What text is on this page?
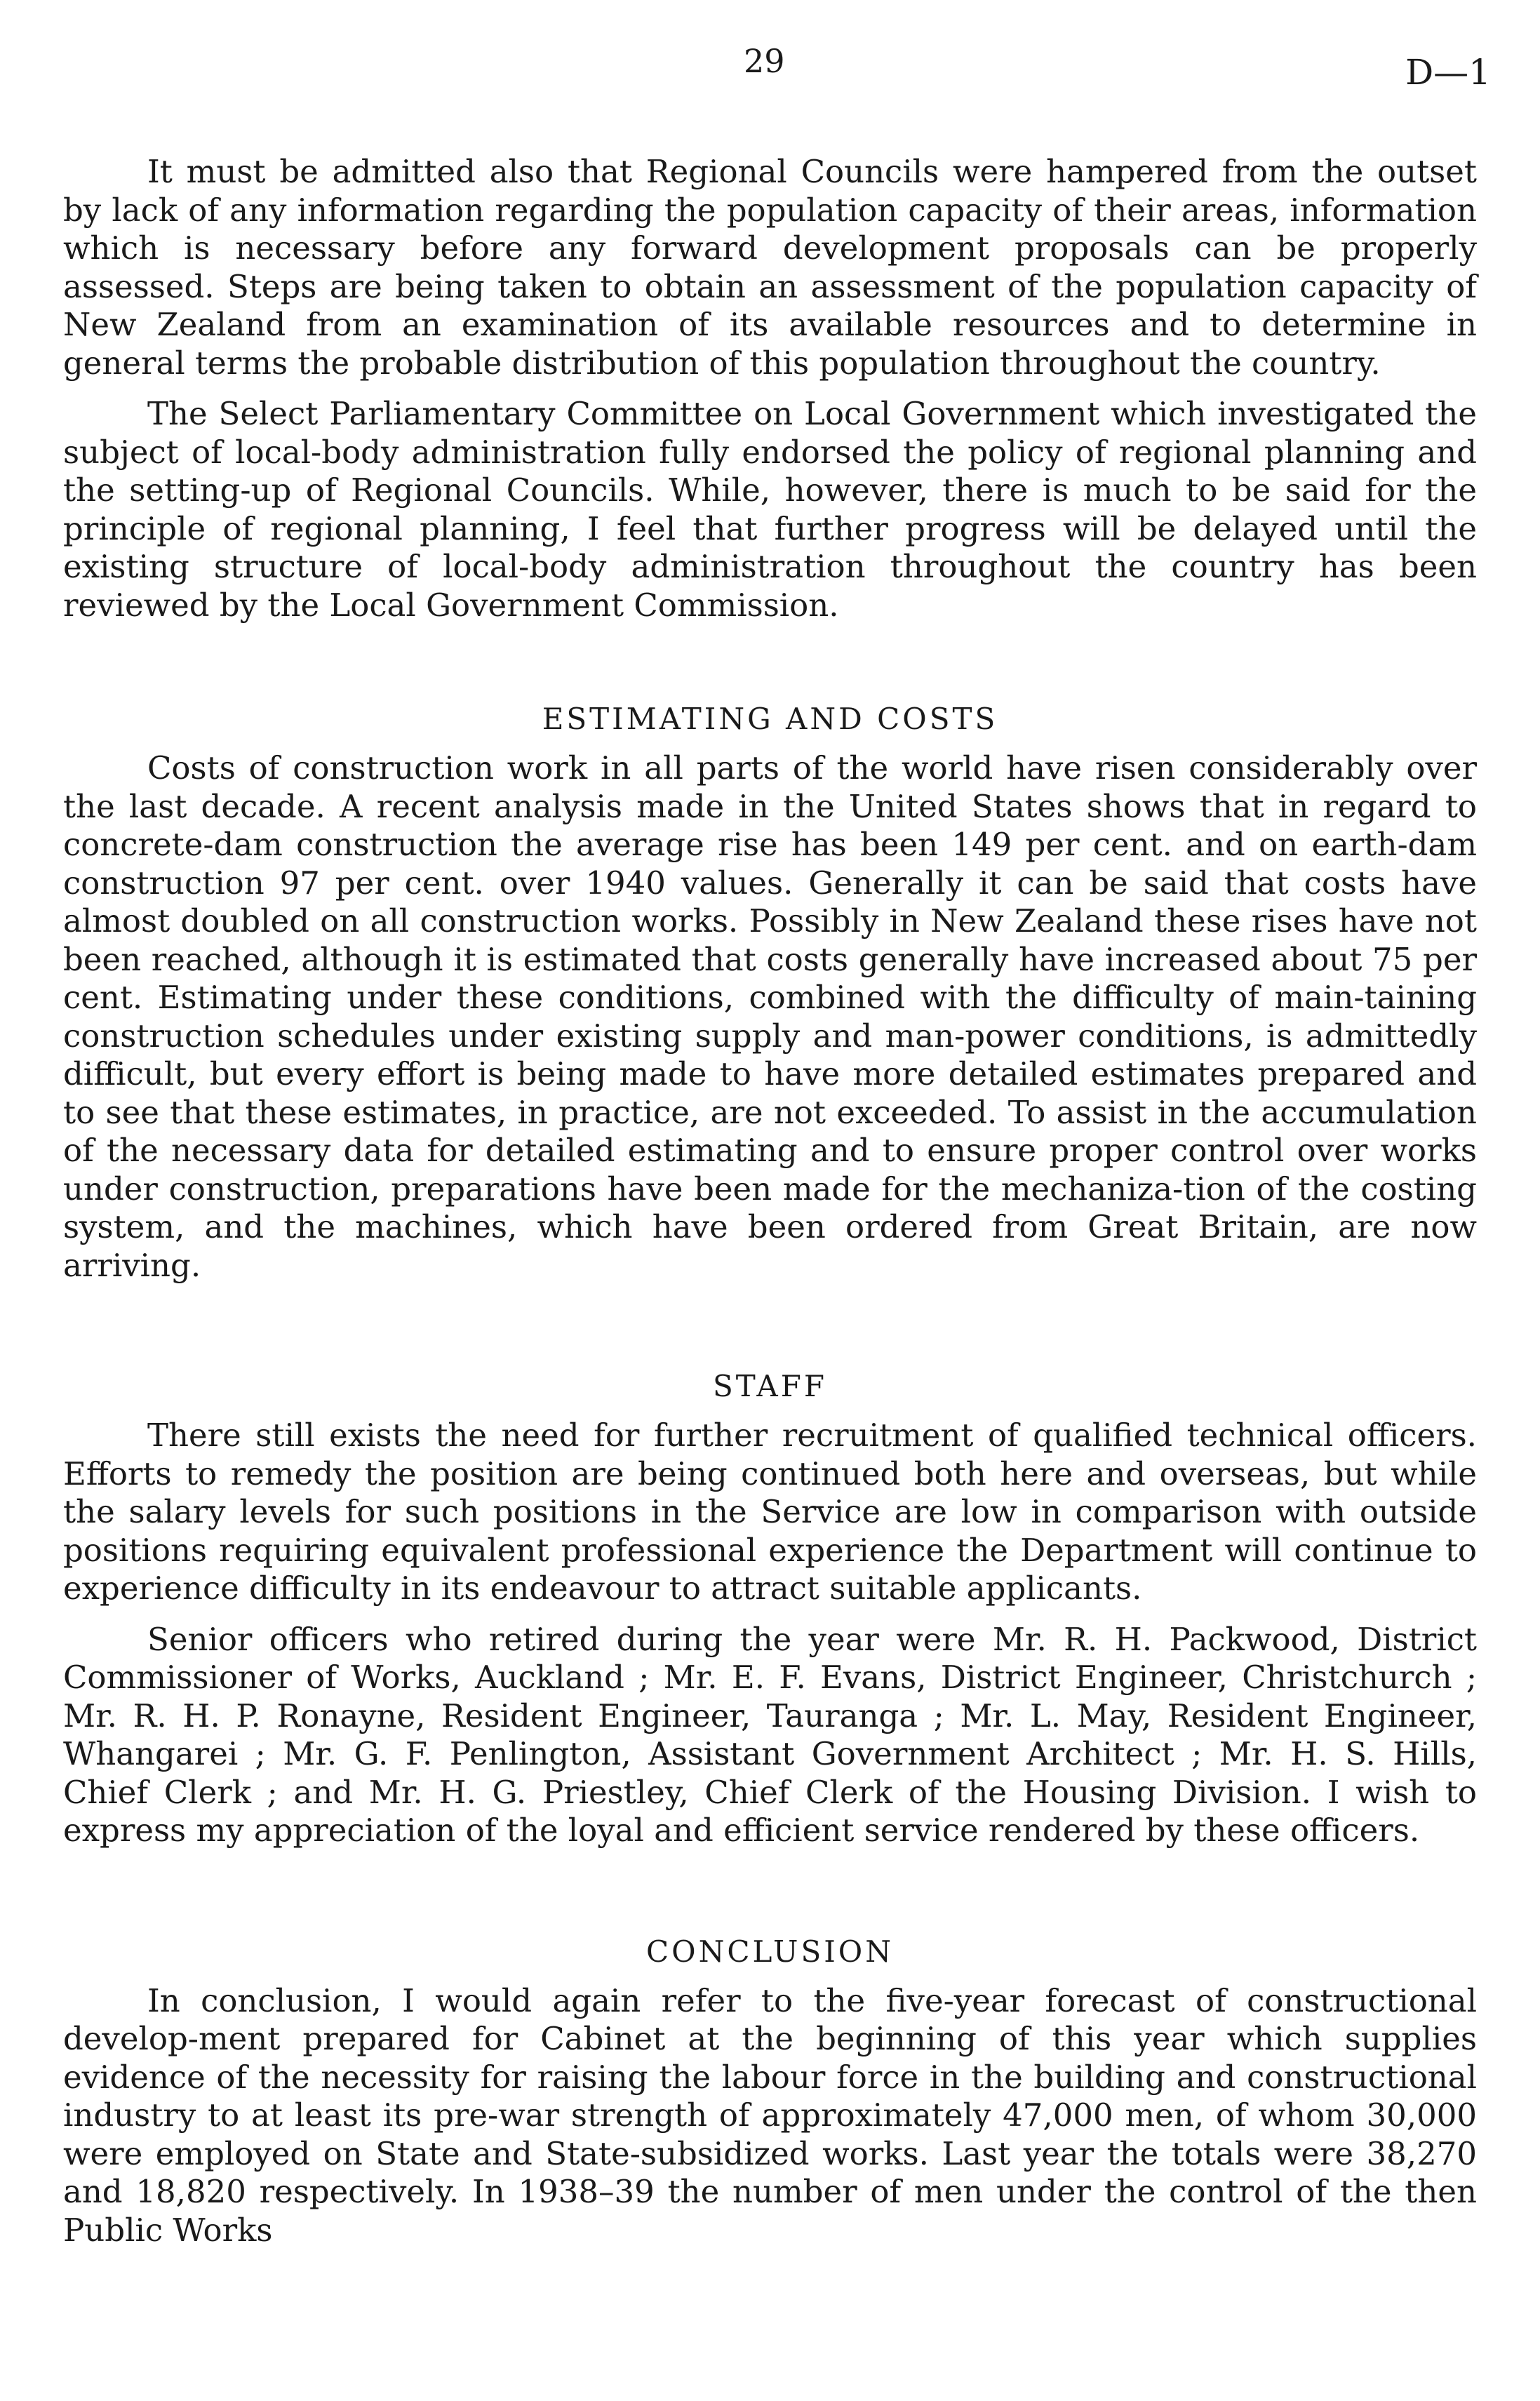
29	D—1

It must be admitted also that Regional Councils were hampered from the outset by lack of any information regarding the population capacity of their areas, information which is necessary before any forward development proposals can be properly assessed. Steps are being taken to obtain an assessment of the population capacity of New Zealand from an examination of its available resources and to determine in general terms the probable distribution of this population throughout the country.

The Select Parliamentary Committee on Local Government which investigated the subject of local-body administration fully endorsed the policy of regional planning and the setting-up of Regional Councils. While, however, there is much to be said for the principle of regional planning, I feel that further progress will be delayed until the existing structure of local-body administration throughout the country has been reviewed by the Local Government Commission.

ESTIMATING AND COSTS

Costs of construction work in all parts of the world have risen considerably over the last decade. A recent analysis made in the United States shows that in regard to concrete-dam construction the average rise has been 149 per cent. and on earth-dam construction 97 per cent. over 1940 values. Generally it can be said that costs have almost doubled on all construction works. Possibly in New Zealand these rises have not been reached, although it is estimated that costs generally have increased about 75 per cent. Estimating under these conditions, combined with the difficulty of main-taining construction schedules under existing supply and man-power conditions, is admittedly difficult, but every effort is being made to have more detailed estimates prepared and to see that these estimates, in practice, are not exceeded. To assist in the accumulation of the necessary data for detailed estimating and to ensure proper control over works under construction, preparations have been made for the mechaniza-tion of the costing system, and the machines, which have been ordered from Great Britain, are now arriving.

STAFF

There still exists the need for further recruitment of qualified technical officers. Efforts to remedy the position are being continued both here and overseas, but while the salary levels for such positions in the Service are low in comparison with outside positions requiring equivalent professional experience the Department will continue to experience difficulty in its endeavour to attract suitable applicants.

Senior officers who retired during the year were Mr. R. H. Packwood, District Commissioner of Works, Auckland ; Mr. E. F. Evans, District Engineer, Christchurch ; Mr. R. H. P. Ronayne, Resident Engineer, Tauranga ; Mr. L. May, Resident Engineer, Whangarei ; Mr. G. F. Penlington, Assistant Government Architect ; Mr. H. S. Hills, Chief Clerk ; and Mr. H. G. Priestley, Chief Clerk of the Housing Division. I wish to express my appreciation of the loyal and efficient service rendered by these officers.

CONCLUSION

In conclusion, I would again refer to the five-year forecast of constructional develop-ment prepared for Cabinet at the beginning of this year which supplies evidence of the necessity for raising the labour force in the building and constructional industry to at least its pre-war strength of approximately 47,000 men, of whom 30,000 were employed on State and State-subsidized works. Last year the totals were 38,270 and 18,820 respectively. In 1938–39 the number of men under the control of the then Public Works
